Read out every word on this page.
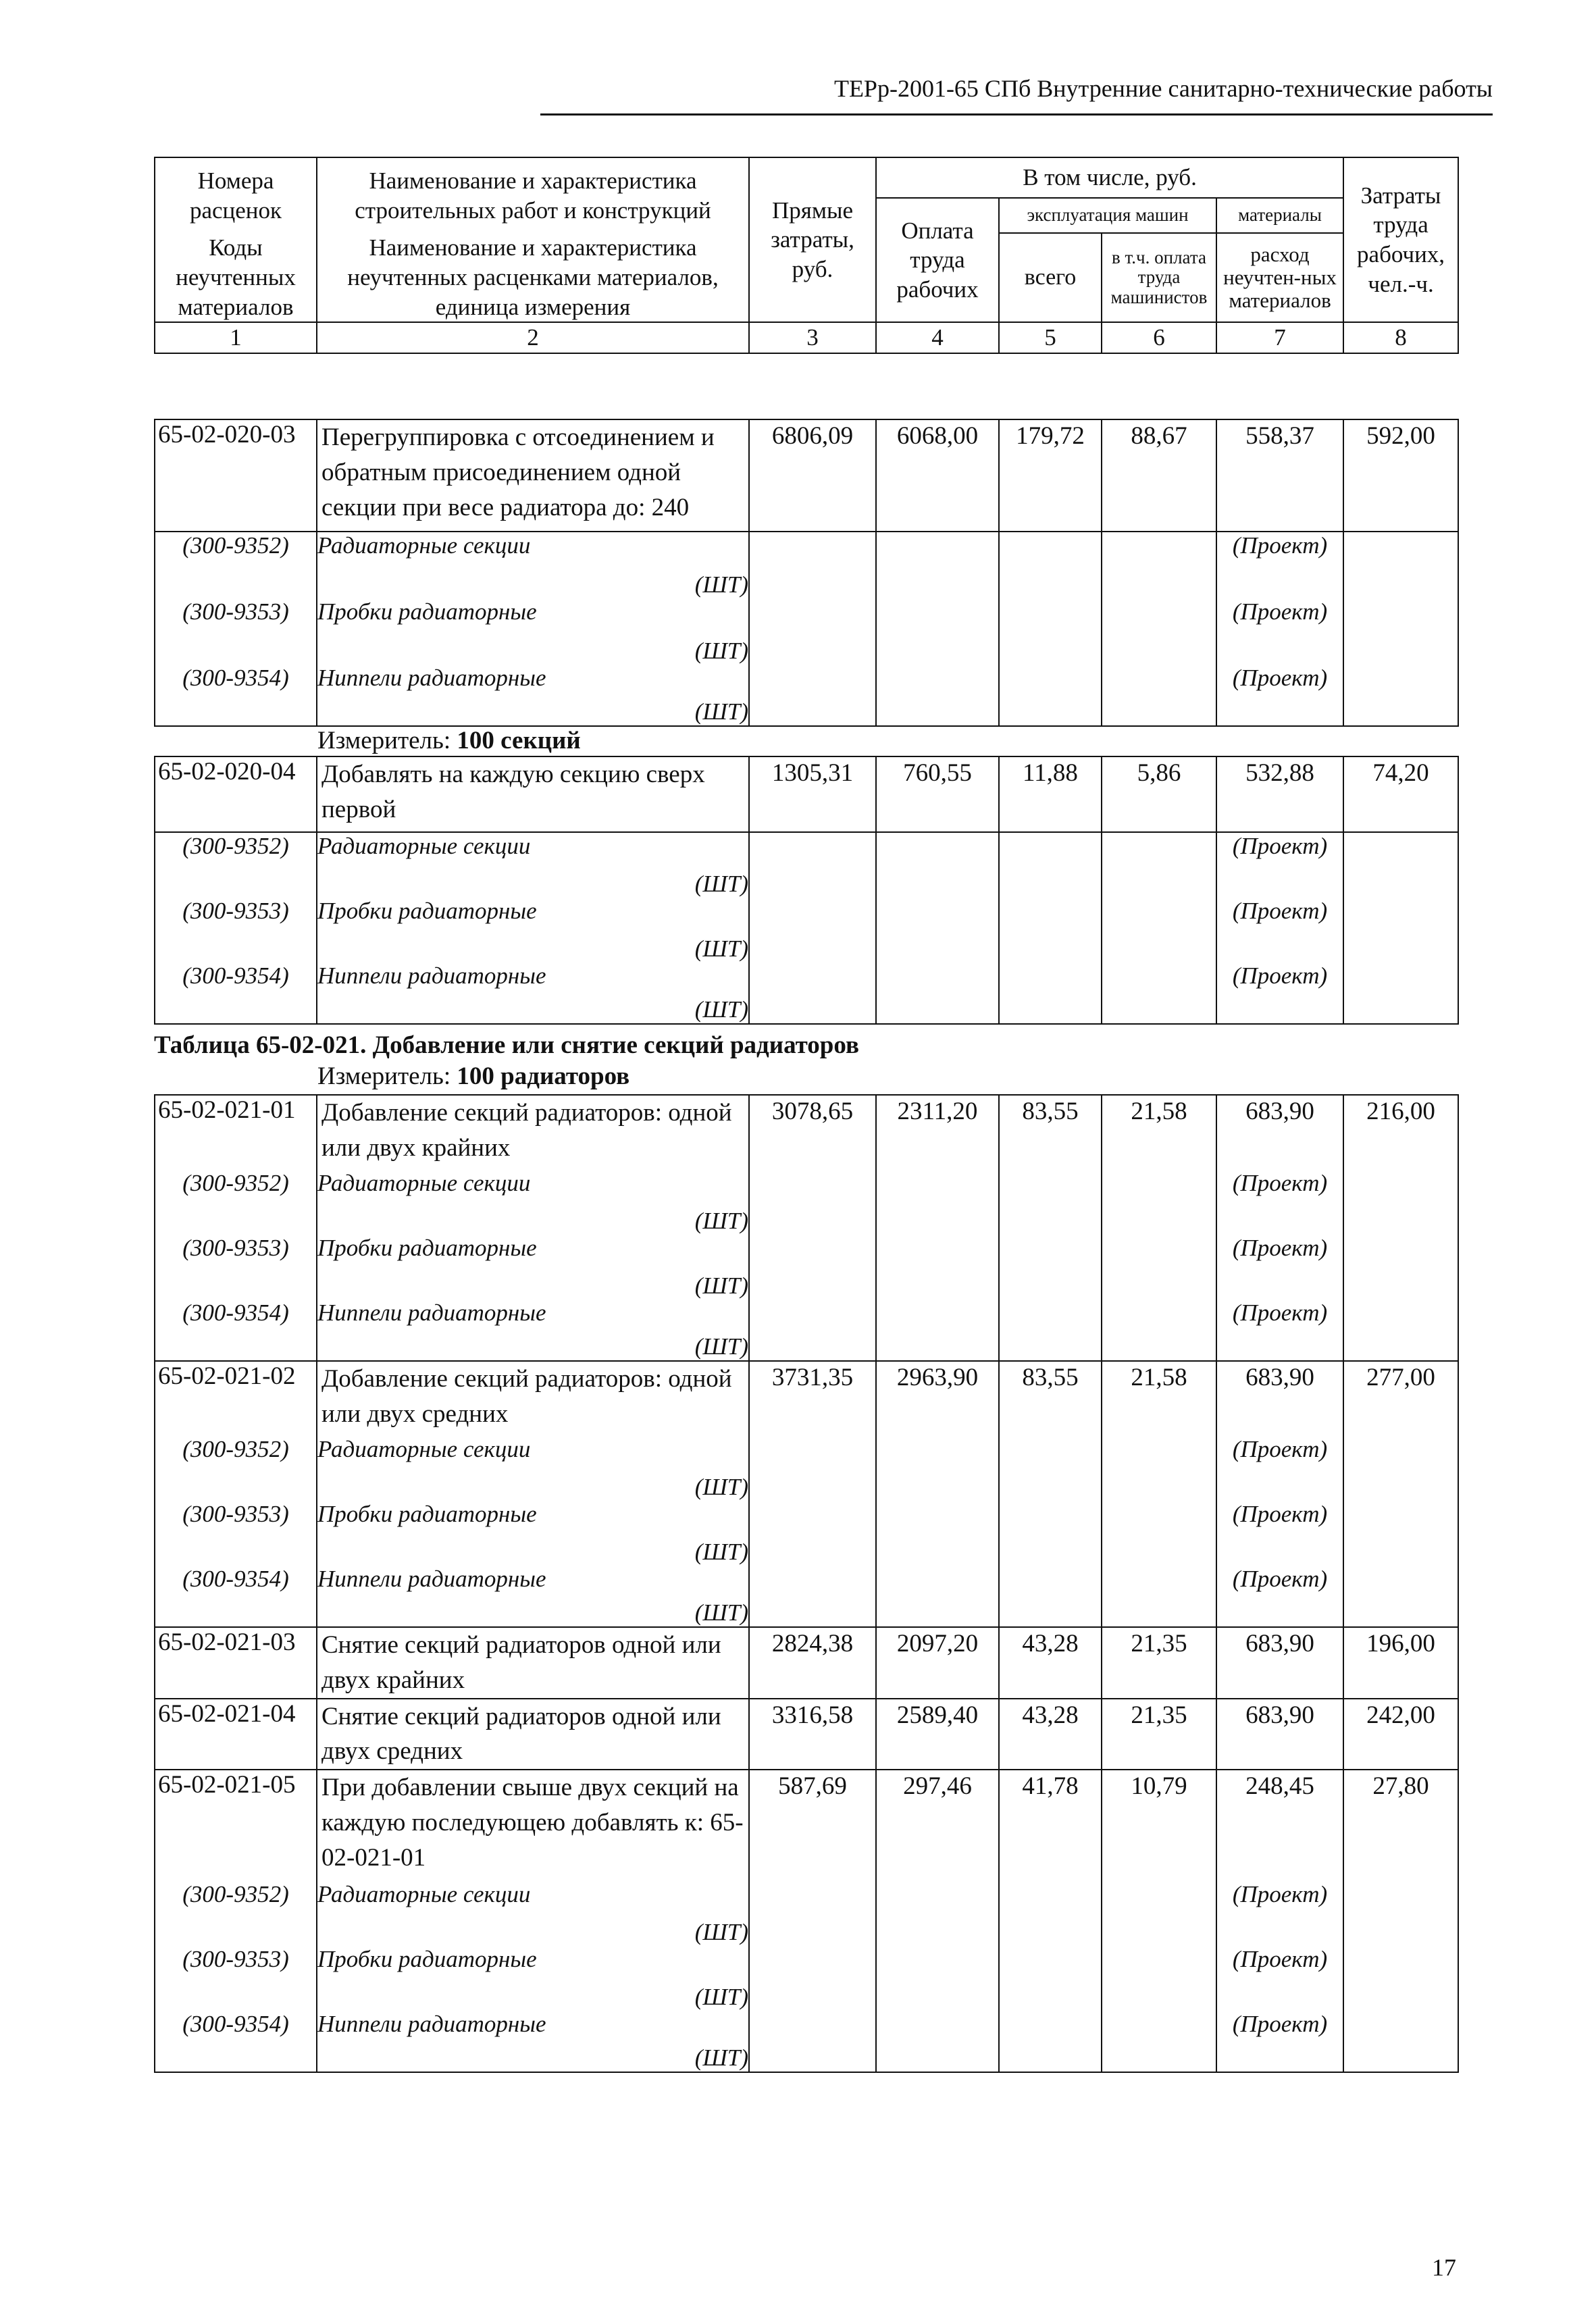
ТЕРр-2001-65 СПб Внутренние санитарно-технические работы
Номера расценок	Наименование и характеристика строительных работ и конструкций	Прямые затраты, руб.	В том числе, руб.				Затраты труда рабочих, чел.-ч.
			Оплата труда рабочих	эксплуатация машин		материалы	
Коды неучтенных материалов	Наименование и характеристика неучтенных расценками материалов, единица измерения			всего	в т.ч. оплата труда машинистов	расход неучтен-ных материалов	

1	2	3	4	5	6	7	8
65-02-020-03	Перегруппировка с отсоединением и обратным присоединением одной секции при весе радиатора до: 240	6806,09	6068,00	179,72	88,67	558,37	592,00
(300-9352)	Радиаторные секции					(Проект)	
	(ШТ)						
(300-9353)	Пробки радиаторные					(Проект)	
	(ШТ)						
(300-9354)	Ниппели радиаторные					(Проект)	
	(ШТ)						
Измеритель: 100 секций
65-02-020-04	Добавлять на каждую секцию сверх первой	1305,31	760,55	11,88	5,86	532,88	74,20
(300-9352)	Радиаторные секции					(Проект)	
	(ШТ)						
(300-9353)	Пробки радиаторные					(Проект)	
	(ШТ)						
(300-9354)	Ниппели радиаторные					(Проект)	
	(ШТ)						
Таблица 65-02-021. Добавление или снятие секций радиаторов
Измеритель: 100 радиаторов
65-02-021-01	Добавление секций радиаторов: одной или двух крайних	3078,65	2311,20	83,55	21,58	683,90	216,00
(300-9352)	Радиаторные секции					(Проект)	
	(ШТ)						
(300-9353)	Пробки радиаторные					(Проект)	
	(ШТ)						
(300-9354)	Ниппели радиаторные					(Проект)	
	(ШТ)						
65-02-021-02	Добавление секций радиаторов: одной или двух средних	3731,35	2963,90	83,55	21,58	683,90	277,00
(300-9352)	Радиаторные секции					(Проект)	
	(ШТ)						
(300-9353)	Пробки радиаторные					(Проект)	
	(ШТ)						
(300-9354)	Ниппели радиаторные					(Проект)	
	(ШТ)						
65-02-021-03	Снятие секций радиаторов одной или двух крайних	2824,38	2097,20	43,28	21,35	683,90	196,00
65-02-021-04	Снятие секций радиаторов одной или двух средних	3316,58	2589,40	43,28	21,35	683,90	242,00
65-02-021-05	При добавлении свыше двух секций на каждую последующею добавлять к: 65-02-021-01	587,69	297,46	41,78	10,79	248,45	27,80
(300-9352)	Радиаторные секции					(Проект)	
	(ШТ)						
(300-9353)	Пробки радиаторные					(Проект)	
	(ШТ)						
(300-9354)	Ниппели радиаторные					(Проект)	
	(ШТ)						
17
